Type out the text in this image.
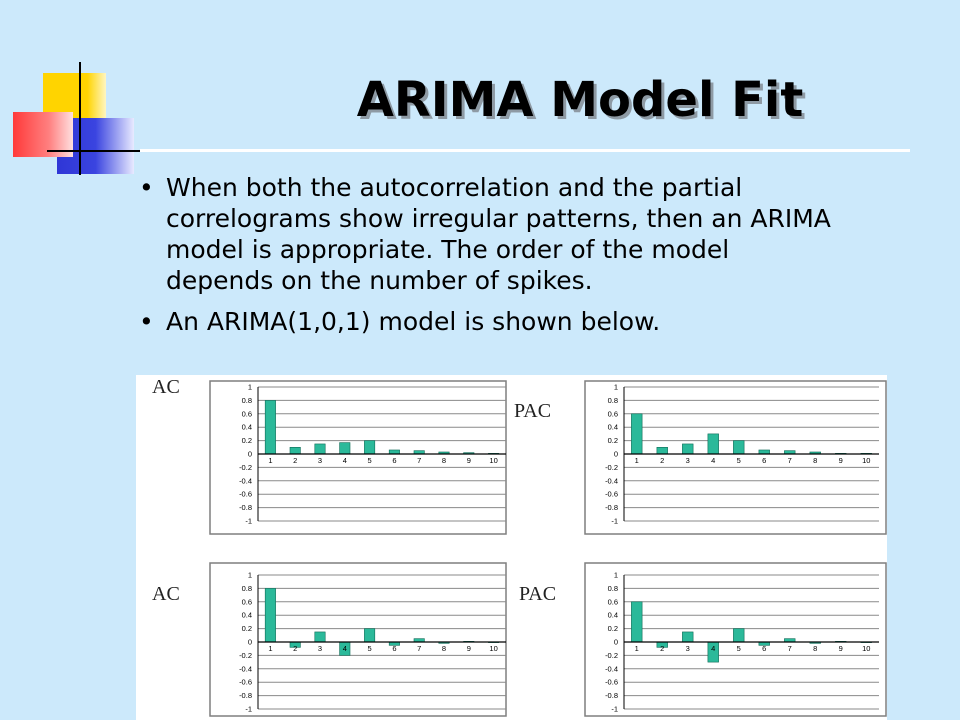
ARIMA Model Fit
• When both the autocorrelation and the partial correlograms show irregular patterns, then an ARIMA model is appropriate. The order of the model depends on the number of spikes.
• An ARIMA(1,0,1) model is shown below.
AC	1
0.8
0.6
0.4
0.2
0
-0.2
-0.4
-0.6
-0.8
-1
1	2	3	4	5	6	7	8	9 10
PAC
1
0.8
0.6
0.4
0.2
0
-0.2
-0.4
-0.6
-0.8
-1
1	2	3	4	5	6	7	8	9	10
AC
1
0.8
0.6
0.4
0.2
0
-0.2
-0.4
-0.6
-0.8
-1
1	2	3	4	5	6	7	8	9 10
PAC
1
0.8
0.6
0.4
0.2
0
-0.2
-0.4
-0.6
-0.8
-1
1	2	3	4	5	6	7	8	9	10
